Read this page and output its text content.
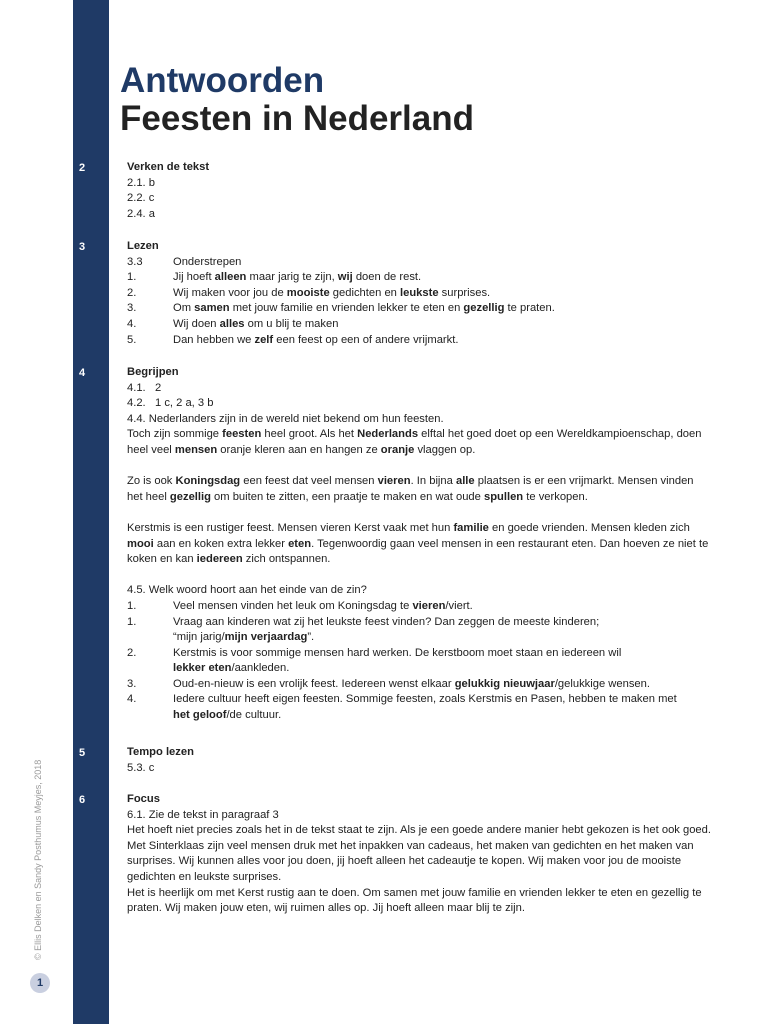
Antwoorden
Feesten in Nederland
2	Verken de tekst
2.1. b
2.2. c
2.4. a
3	Lezen
3.3	Onderstrepen
1.	Jij hoeft alleen maar jarig te zijn, wij doen de rest.
2.	Wij maken voor jou de mooiste gedichten en leukste surprises.
3.	Om samen met jouw familie en vrienden lekker te eten en gezellig te praten.
4.	Wij doen alles om u blij te maken
5.	Dan hebben we zelf een feest op een of andere vrijmarkt.
4	Begrijpen
4.1.   2
4.2.   1 c, 2 a, 3 b
4.4. Nederlanders zijn in de wereld niet bekend om hun feesten.
Toch zijn sommige feesten heel groot. Als het Nederlands elftal het goed doet op een Wereldkampioenschap, doen heel veel mensen oranje kleren aan en hangen ze oranje vlaggen op.
Zo is ook Koningsdag een feest dat veel mensen vieren. In bijna alle plaatsen is er een vrijmarkt. Mensen vinden het heel gezellig om buiten te zitten, een praatje te maken en wat oude spullen te verkopen.
Kerstmis is een rustiger feest. Mensen vieren Kerst vaak met hun familie en goede vrienden. Mensen kleden zich mooi aan en koken extra lekker eten. Tegenwoordig gaan veel mensen in een restaurant eten. Dan hoeven ze niet te koken en kan iedereen zich ontspannen.
4.5. Welk woord hoort aan het einde van de zin?
1.	Veel mensen vinden het leuk om Koningsdag te vieren/viert.
1.	Vraag aan kinderen wat zij het leukste feest vinden? Dan zeggen de meeste kinderen;
“mijn jarig/mijn verjaardag”.
2.	Kerstmis is voor sommige mensen hard werken. De kerstboom moet staan en iedereen wil
lekker eten/aankleden.
3.	Oud-en-nieuw is een vrolijk feest. Iedereen wenst elkaar gelukkig nieuwjaar/gelukkige wensen.
4.	Iedere cultuur heeft eigen feesten. Sommige feesten, zoals Kerstmis en Pasen, hebben te maken met
het geloof/de cultuur.
5	Tempo lezen
5.3. c
6	Focus
6.1. Zie de tekst in paragraaf 3
Het hoeft niet precies zoals het in de tekst staat te zijn. Als je een goede andere manier hebt gekozen is het ook goed.
Met Sinterklaas zijn veel mensen druk met het inpakken van cadeaus, het maken van gedichten en het maken van surprises. Wij kunnen alles voor jou doen, jij hoeft alleen het cadeautje te kopen. Wij maken voor jou de mooiste gedichten en leukste surprises.
Het is heerlijk om met Kerst rustig aan te doen. Om samen met jouw familie en vrienden lekker te eten en gezellig te praten. Wij maken jouw eten, wij ruimen alles op. Jij hoeft alleen maar blij te zijn.
© Ellis Delken en Sandy Posthumus Meyjes, 2018
1
